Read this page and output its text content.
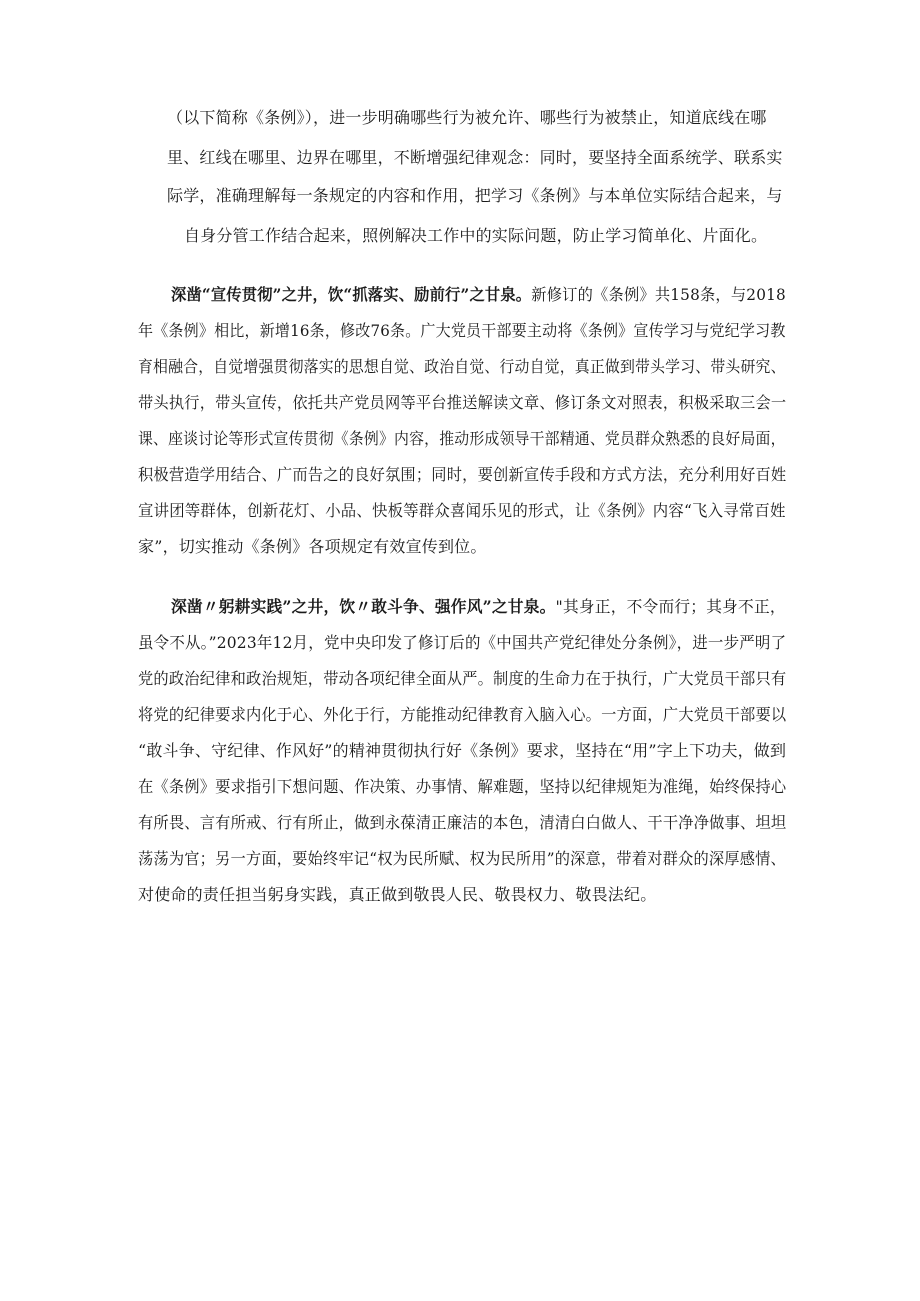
（以下简称《条例》），进一步明确哪些行为被允许、哪些行为被禁止，知道底线在哪
里、红线在哪里、边界在哪里，不断增强纪律观念：同时，要坚持全面系统学、联系实
际学，准确理解每一条规定的内容和作用，把学习《条例》与本单位实际结合起来，与
自身分管工作结合起来，照例解决工作中的实际问题，防止学习简单化、片面化。
深凿“宣传贯彻”之井，饮“抓落实、励前行”之甘泉。新修订的《条例》共158条，与2018
年《条例》相比，新增16条，修改76条。广大党员干部要主动将《条例》宣传学习与党纪学习教
育相融合，自觉增强贯彻落实的思想自觉、政治自觉、行动自觉，真正做到带头学习、带头研究、
带头执行，带头宣传，依托共产党员网等平台推送解读文章、修订条文对照表，积极采取三会一
课、座谈讨论等形式宣传贯彻《条例》内容，推动形成领导干部精通、党员群众熟悉的良好局面，
积极营造学用结合、广而告之的良好氛围；同时，要创新宣传手段和方式方法，充分利用好百姓
宣讲团等群体，创新花灯、小品、快板等群众喜闻乐见的形式，让《条例》内容“飞入寻常百姓
家”，切实推动《条例》各项规定有效宣传到位。
深凿〃躬耕实践”之井，饮〃敢斗争、强作风”之甘泉。"其身正，不令而行；其身不正，
虽令不从。”2023年12月，党中央印发了修订后的《中国共产党纪律处分条例》，进一步严明了
党的政治纪律和政治规矩，带动各项纪律全面从严。制度的生命力在于执行，广大党员干部只有
将党的纪律要求内化于心、外化于行，方能推动纪律教育入脑入心。一方面，广大党员干部要以
“敢斗争、守纪律、作风好”的精神贯彻执行好《条例》要求，坚持在“用”字上下功夫，做到
在《条例》要求指引下想问题、作决策、办事情、解难题，坚持以纪律规矩为准绳，始终保持心
有所畏、言有所戒、行有所止，做到永葆清正廉洁的本色，清清白白做人、干干净净做事、坦坦
荡荡为官；另一方面，要始终牢记“权为民所赋、权为民所用”的深意，带着对群众的深厚感情、
对使命的责任担当躬身实践，真正做到敬畏人民、敬畏权力、敬畏法纪。
